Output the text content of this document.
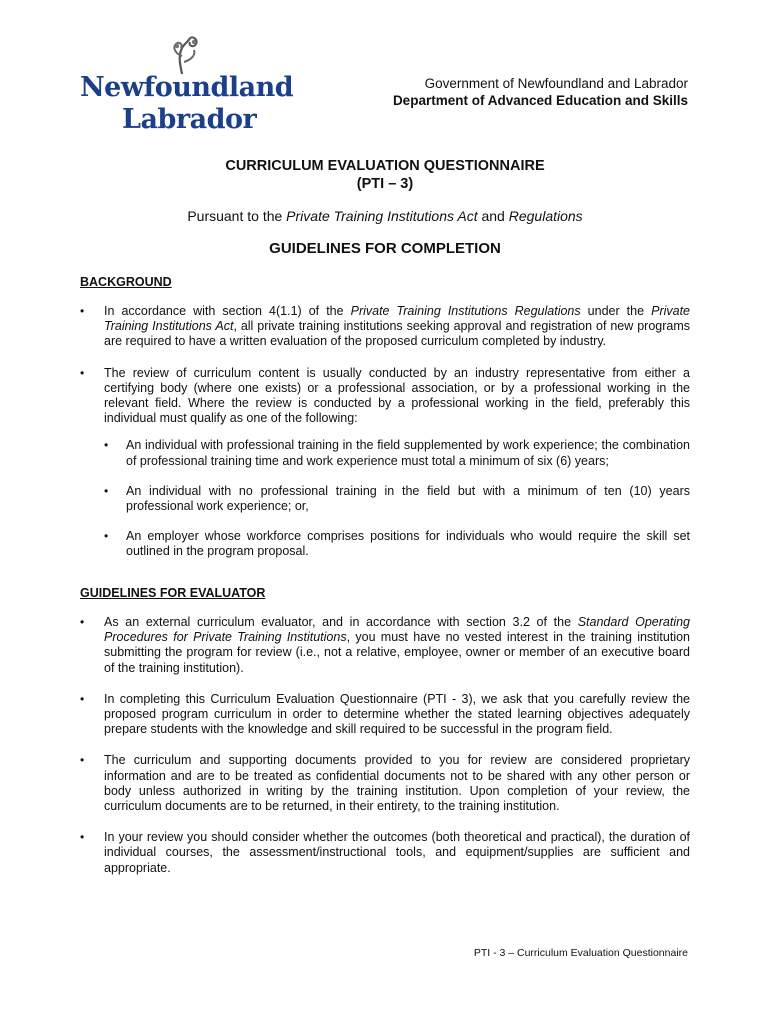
Newfoundland
Labrador
Government of Newfoundland and Labrador
Department of Advanced Education and Skills
CURRICULUM EVALUATION QUESTIONNAIRE
(PTI – 3)
Pursuant to the Private Training Institutions Act and Regulations
GUIDELINES FOR COMPLETION
BACKGROUND
• In accordance with section 4(1.1) of the Private Training Institutions Regulations under the Private Training Institutions Act, all private training institutions seeking approval and registration of new programs are required to have a written evaluation of the proposed curriculum completed by industry.
• The review of curriculum content is usually conducted by an industry representative from either a certifying body (where one exists) or a professional association, or by a professional working in the relevant field. Where the review is conducted by a professional working in the field, preferably this individual must qualify as one of the following:
• An individual with professional training in the field supplemented by work experience; the combination of professional training time and work experience must total a minimum of six (6) years;
• An individual with no professional training in the field but with a minimum of ten (10) years professional work experience; or,
• An employer whose workforce comprises positions for individuals who would require the skill set outlined in the program proposal.
GUIDELINES FOR EVALUATOR
• As an external curriculum evaluator, and in accordance with section 3.2 of the Standard Operating Procedures for Private Training Institutions, you must have no vested interest in the training institution submitting the program for review (i.e., not a relative, employee, owner or member of an executive board of the training institution).
• In completing this Curriculum Evaluation Questionnaire (PTI - 3), we ask that you carefully review the proposed program curriculum in order to determine whether the stated learning objectives adequately prepare students with the knowledge and skill required to be successful in the program field.
• The curriculum and supporting documents provided to you for review are considered proprietary information and are to be treated as confidential documents not to be shared with any other person or body unless authorized in writing by the training institution. Upon completion of your review, the curriculum documents are to be returned, in their entirety, to the training institution.
• In your review you should consider whether the outcomes (both theoretical and practical), the duration of individual courses, the assessment/instructional tools, and equipment/supplies are sufficient and appropriate.
PTI - 3 – Curriculum Evaluation Questionnaire
